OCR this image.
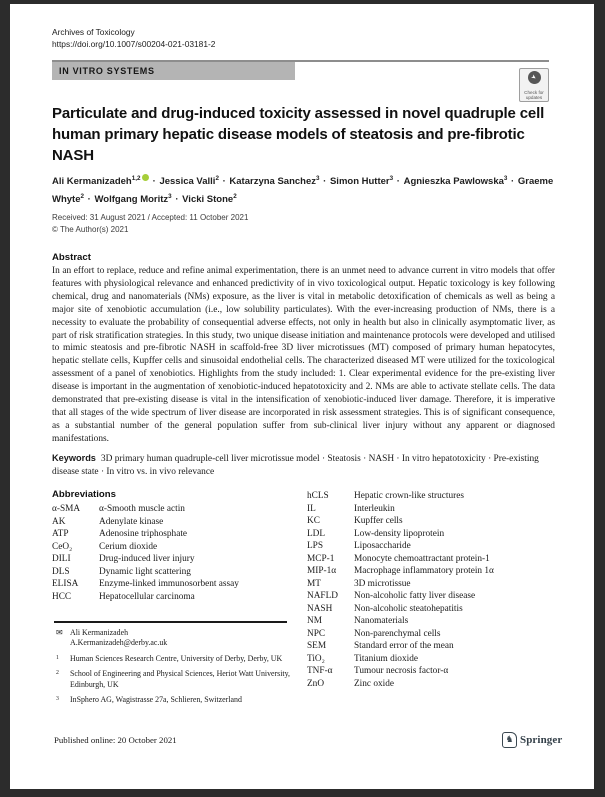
Archives of Toxicology
https://doi.org/10.1007/s00204-021-03181-2
IN VITRO SYSTEMS
➤
Check for
updates
Particulate and drug-induced toxicity assessed in novel quadruple cell
human primary hepatic disease models of steatosis and pre-fibrotic
NASH
Ali Kermanizadeh$^{1,2}$ · Jessica Valli$^2$ · Katarzyna Sanchez$^3$ · Simon Hutter$^3$ · Agnieszka Pawlowska$^3$ · Graeme Whyte$^2$ · Wolfgang Moritz$^3$ · Vicki Stone$^2$
Received: 31 August 2021 / Accepted: 11 October 2021
© The Author(s) 2021
Abstract
In an effort to replace, reduce and refine animal experimentation, there is an unmet need to advance current in vitro models that offer features with physiological relevance and enhanced predictivity of in vivo toxicological output. Hepatic toxicology is key following chemical, drug and nanomaterials (NMs) exposure, as the liver is vital in metabolic detoxification of chemicals as well as being a major site of xenobiotic accumulation (i.e., low solubility particulates). With the ever-increasing production of NMs, there is a necessity to evaluate the probability of consequential adverse effects, not only in health but also in clinically asymptomatic liver, as part of risk stratification strategies. In this study, two unique disease initiation and maintenance protocols were developed and utilised to mimic steatosis and pre-fibrotic NASH in scaffold-free 3D liver microtissues (MT) composed of primary human hepatocytes, hepatic stellate cells, Kupffer cells and sinusoidal endothelial cells. The characterized diseased MT were utilized for the toxicological assessment of a panel of xenobiotics. Highlights from the study included: 1. Clear experimental evidence for the pre-existing liver disease is important in the augmentation of xenobiotic-induced hepatotoxicity and 2. NMs are able to activate stellate cells. The data demonstrated that pre-existing disease is vital in the intensification of xenobiotic-induced liver damage. Therefore, it is imperative that all stages of the wide spectrum of liver disease are incorporated in risk assessment strategies. This is of significant consequence, as a substantial number of the general population suffer from sub-clinical liver injury without any apparent or diagnosed manifestations.
Keywords 3D primary human quadruple-cell liver microtissue model · Steatosis · NASH · In vitro hepatotoxicity · Pre-existing disease state · In vitro vs. in vivo relevance
Abbreviations
α-SMA	α-Smooth muscle actin
AK	Adenylate kinase
ATP	Adenosine triphosphate
CeO₂	Cerium dioxide
DILI	Drug-induced liver injury
DLS	Dynamic light scattering
ELISA	Enzyme-linked immunosorbent assay
HCC	Hepatocellular carcinoma
hCLS	Hepatic crown-like structures
IL	Interleukin
KC	Kupffer cells
LDL	Low-density lipoprotein
LPS	Liposaccharide
MCP-1	Monocyte chemoattractant protein-1
MIP-1α	Macrophage inflammatory protein 1α
MT	3D microtissue
NAFLD	Non-alcoholic fatty liver disease
NASH	Non-alcoholic steatohepatitis
NM	Nanomaterials
NPC	Non-parenchymal cells
SEM	Standard error of the mean
TiO₂	Titanium dioxide
TNF-α	Tumour necrosis factor-α
ZnO	Zinc oxide
✉ Ali Kermanizadeh
A.Kermanizadeh@derby.ac.uk
1	Human Sciences Research Centre, University of Derby, Derby, UK
2	School of Engineering and Physical Sciences, Heriot Watt University, Edinburgh, UK
3	InSphero AG, Wagistrasse 27a, Schlieren, Switzerland
Published online: 20 October 2021	♞ Springer
